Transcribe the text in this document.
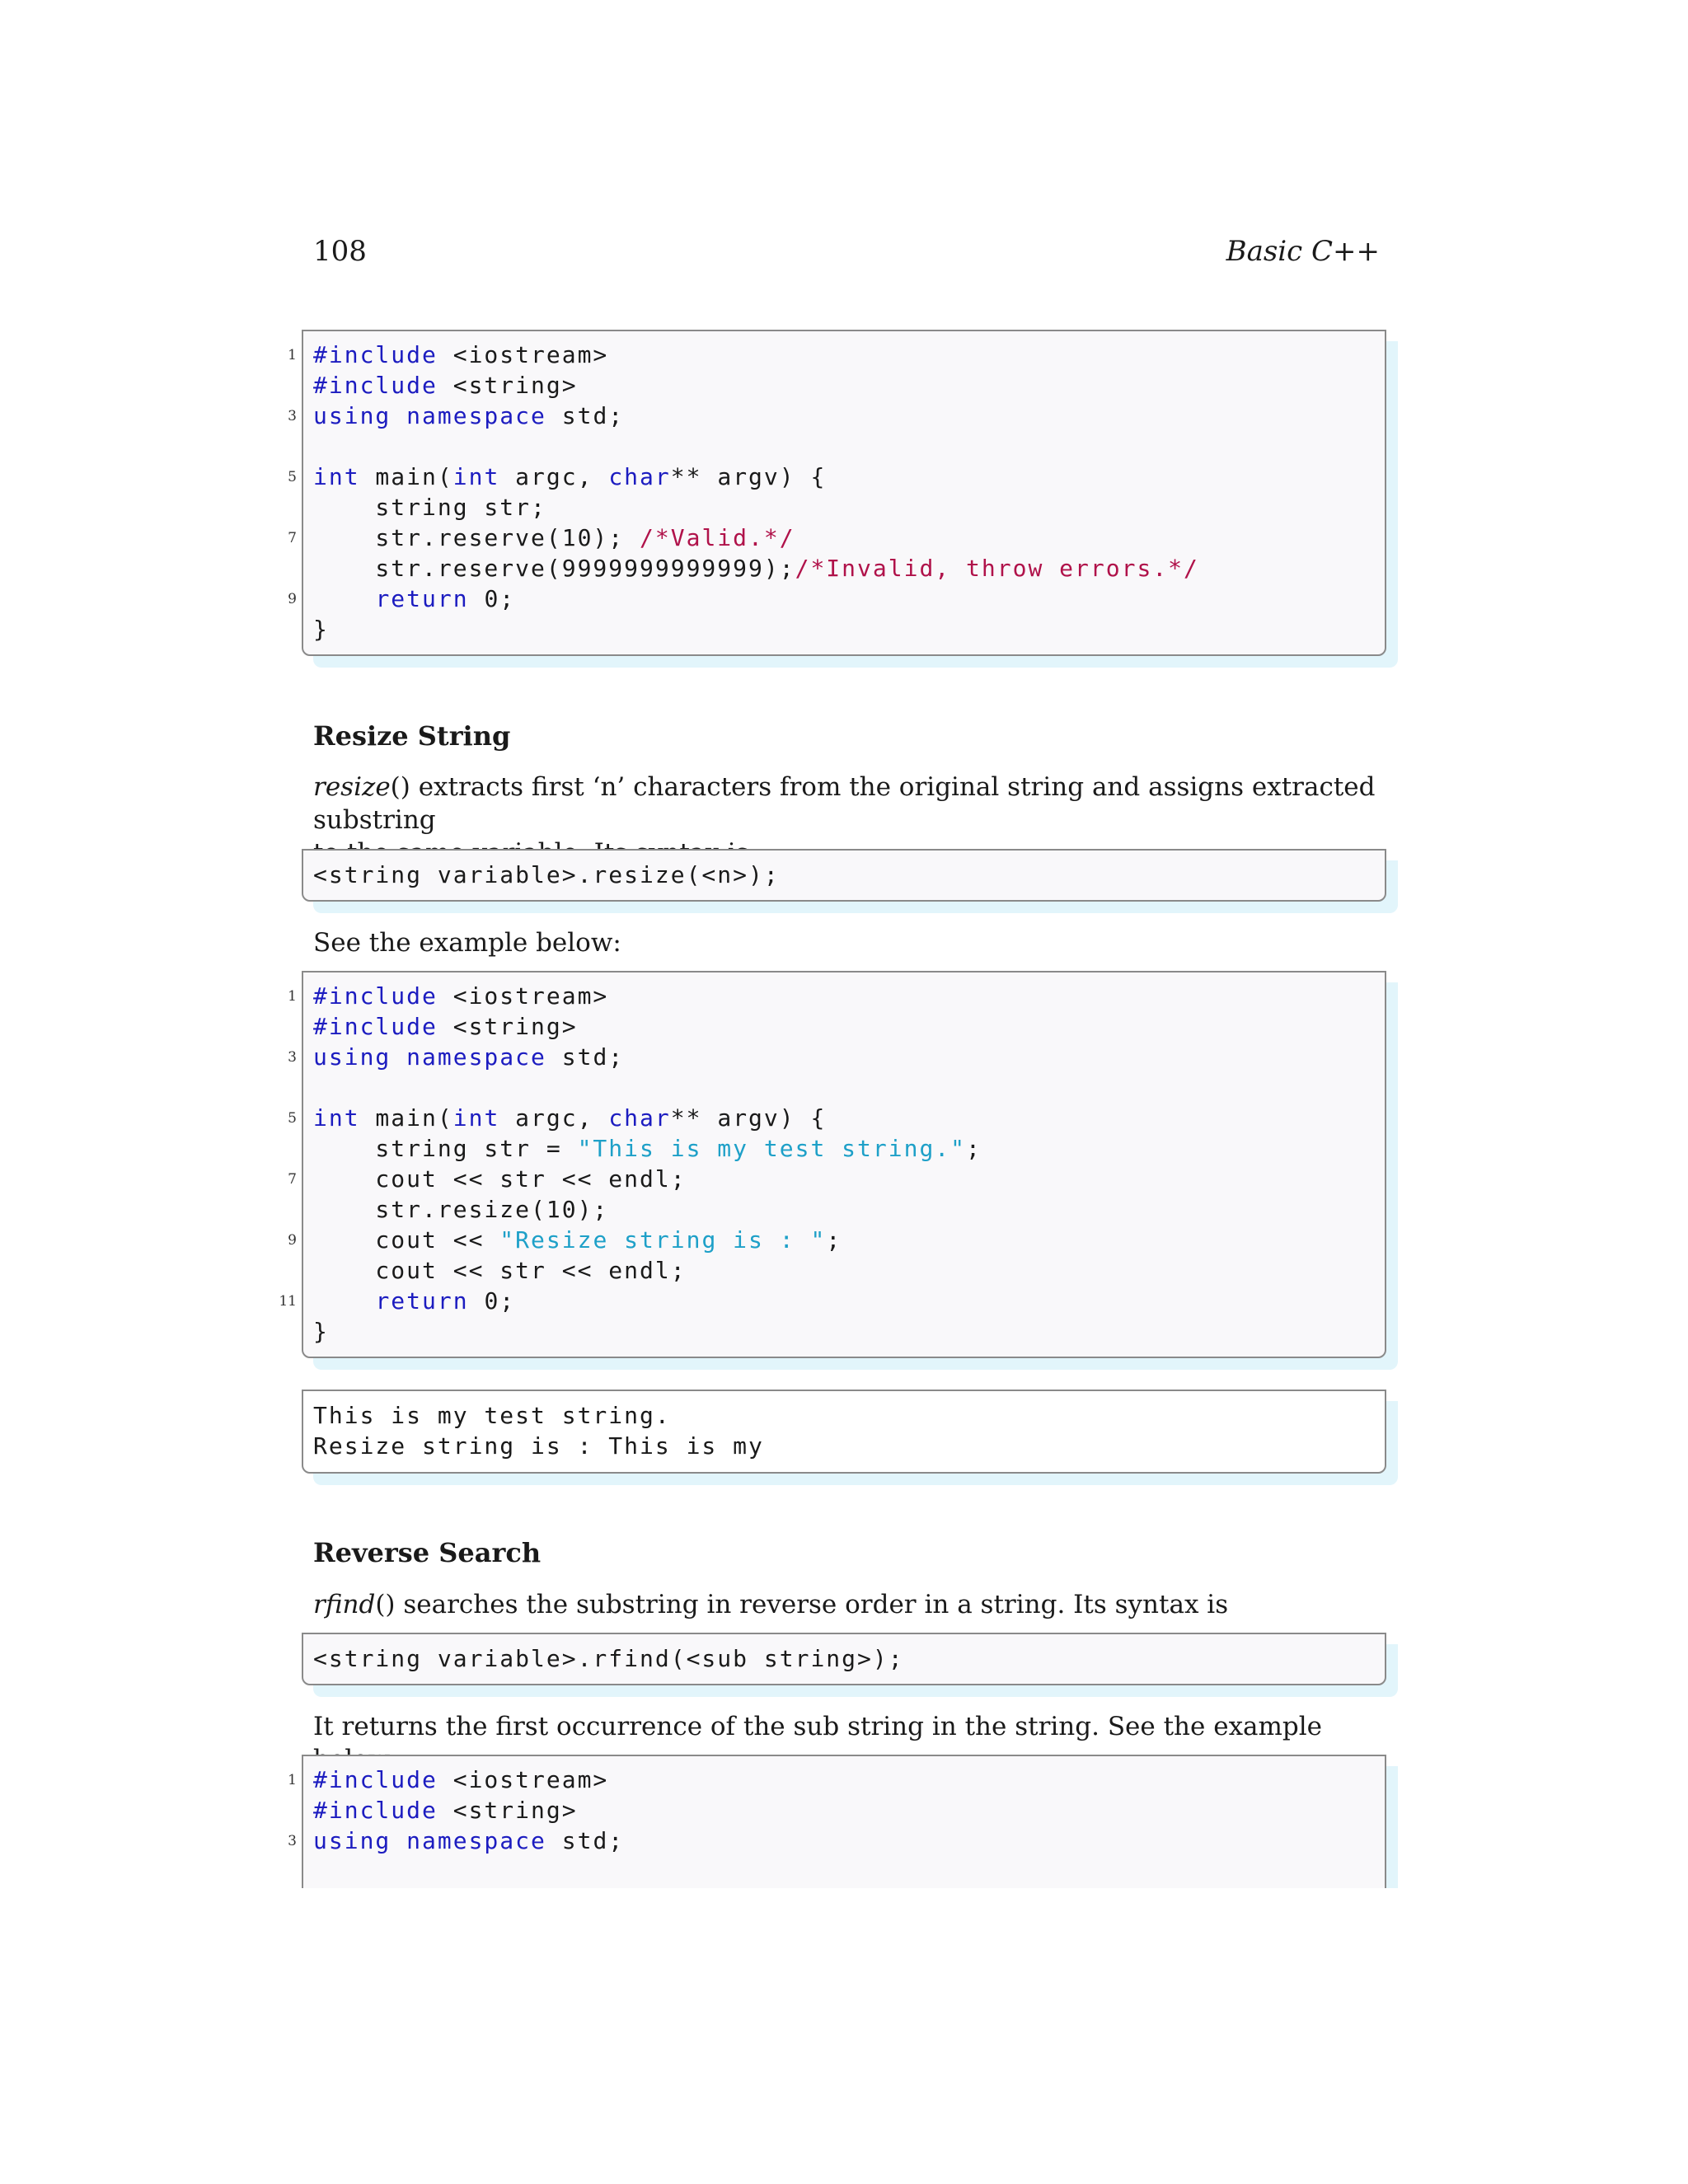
108	Basic C++
1
3
5
7
9
#include <iostream>
#include <string>
using namespace std;
int main(int argc, char** argv) {
string str;
str.reserve(10); /*Valid.*/
str.reserve(9999999999999);/*Invalid, throw errors.*/
return 0;
}
Resize String
resize() extracts first ‘n’ characters from the original string and assigns extracted substring

<string variable>.resize(<n>);
See the example below:
1
3
5
7
9
11
#include <iostream>
#include <string>
using namespace std;
int main(int argc, char** argv) {
string str = "This is my test string.";
cout << str << endl;
str.resize(10);
cout << "Resize string is : ";
cout << str << endl;
return 0;
}
This is my test string.
Resize string is : This is my
Reverse Search
rfind() searches the substring in reverse order in a string. Its syntax is
<string variable>.rfind(<sub string>);
It returns the first occurrence of the sub string in the string. See the example
1
3
#include <iostream>
#include <string>
using namespace std;
